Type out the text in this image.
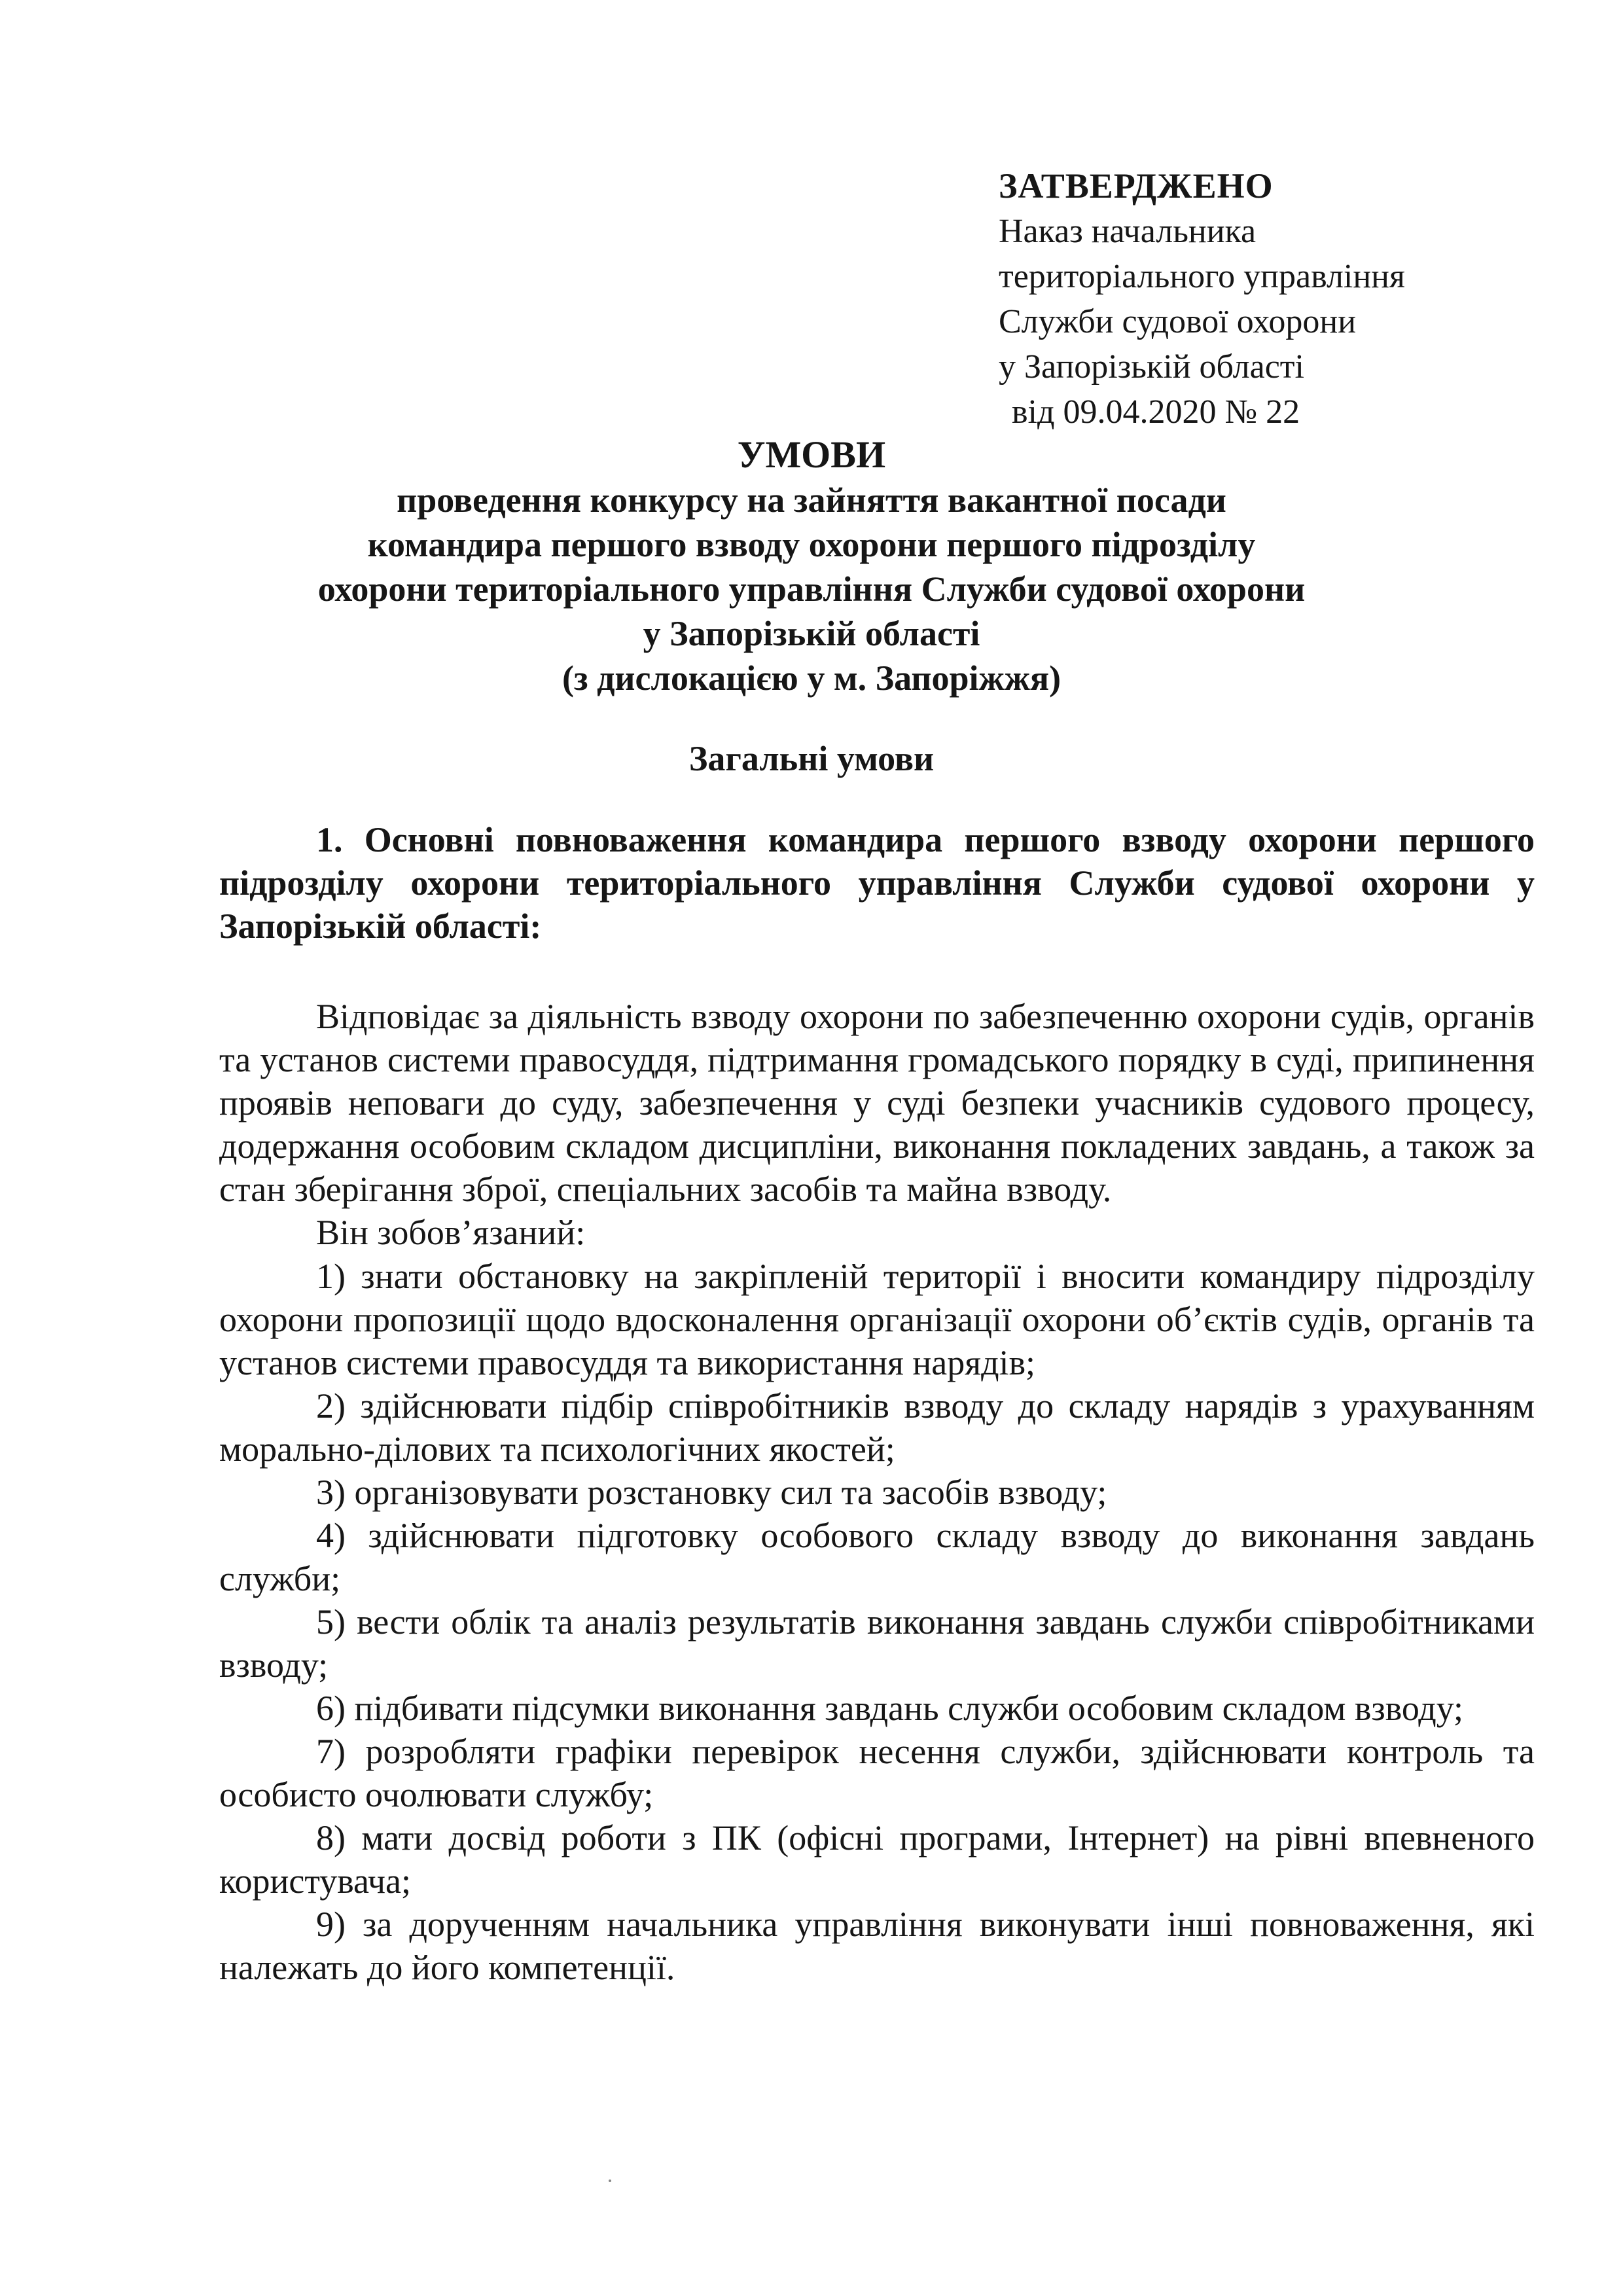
ЗАТВЕРДЖЕНО
Наказ начальника
територіального управління
Служби судової охорони
у Запорізькій області
від 09.04.2020 № 22
УМОВИ
проведення конкурсу на зайняття вакантної посади
командира першого взводу охорони першого підрозділу
охорони територіального управління Служби судової охорони
у Запорізькій області
(з дислокацією у м. Запоріжжя)
Загальні умови

1. Основні повноваження командира першого взводу охорони першого підрозділу охорони територіального управління Служби судової охорони у Запорізькій області:

Відповідає за діяльність взводу охорони по забезпеченню охорони судів, органів та установ системи правосуддя, підтримання громадського порядку в суді, припинення проявів неповаги до суду, забезпечення у суді безпеки учасників судового процесу, додержання особовим складом дисципліни, виконання покладених завдань, а також за стан зберігання зброї, спеціальних засобів та майна взводу.

Він зобов’язаний:

1) знати обстановку на закріпленій території і вносити командиру підрозділу охорони пропозиції щодо вдосконалення організації охорони об’єктів судів, органів та установ системи правосуддя та використання нарядів;

2) здійснювати підбір співробітників взводу до складу нарядів з урахуванням морально-ділових та психологічних якостей;

3) організовувати розстановку сил та засобів взводу;

4) здійснювати підготовку особового складу взводу до виконання завдань служби;

5) вести облік та аналіз результатів виконання завдань служби співробітниками взводу;

6) підбивати підсумки виконання завдань служби особовим складом взводу;

7) розробляти графіки перевірок несення служби, здійснювати контроль та особисто очолювати службу;

8) мати досвід роботи з ПК (офісні програми, Інтернет) на рівні впевненого користувача;

9) за дорученням начальника управління виконувати інші повноваження, які належать до його компетенції.
